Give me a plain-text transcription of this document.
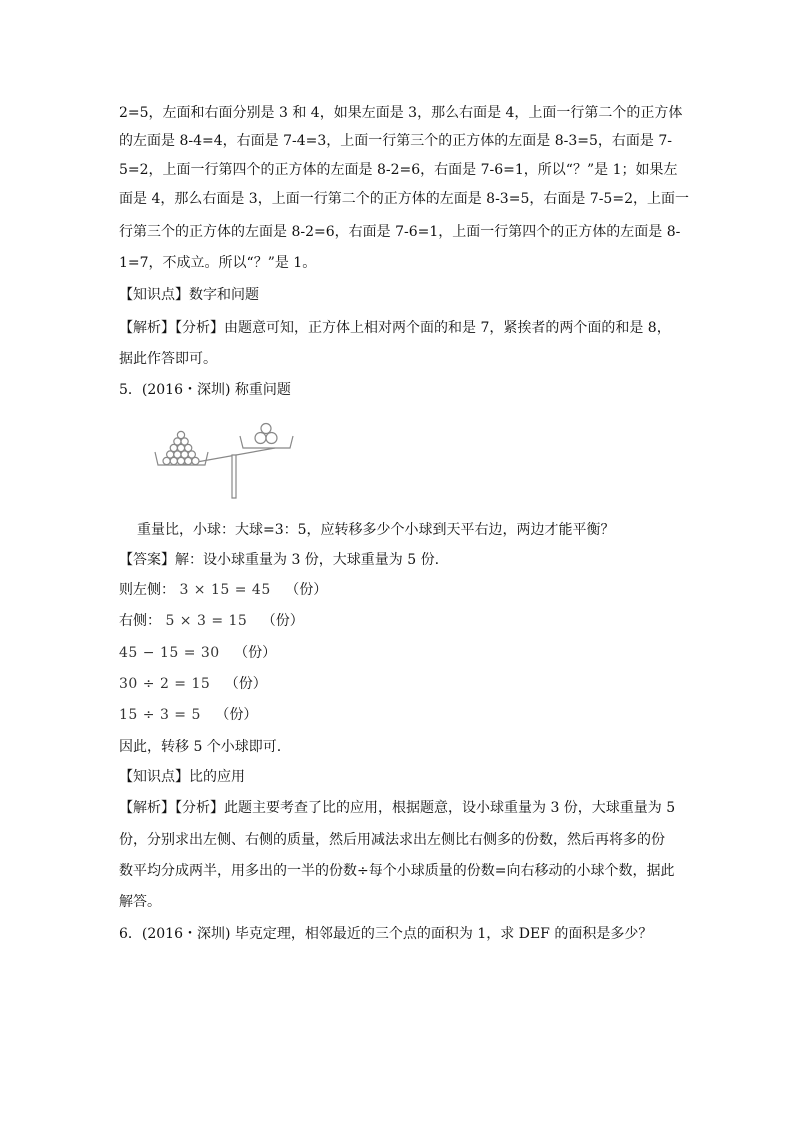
2=5，左面和右面分别是 3 和 4，如果左面是 3，那么右面是 4，上面一行第二个的正方体
的左面是 8-4=4，右面是 7-4=3，上面一行第三个的正方体的左面是 8-3=5，右面是 7-
5=2，上面一行第四个的正方体的左面是 8-2=6，右面是 7-6=1，所以“？”是 1；如果左
面是 4，那么右面是 3，上面一行第二个的正方体的左面是 8-3=5，右面是 7-5=2，上面一
行第三个的正方体的左面是 8-2=6，右面是 7-6=1，上面一行第四个的正方体的左面是 8-
1=7，不成立。所以“？”是 1。
【知识点】数字和问题
【解析】【分析】由题意可知，正方体上相对两个面的和是 7，紧挨者的两个面的和是 8，
据此作答即可。
5．(2016・深圳) 称重问题
重量比，小球：大球=3：5，应转移多少个小球到天平右边，两边才能平衡？
【答案】解：设小球重量为 3 份，大球重量为 5 份.
则左侧： 3 × 15 = 45 （份）
右侧： 5 × 3 = 15 （份）
45 − 15 = 30 （份）
30 ÷ 2 = 15 （份）
15 ÷ 3 = 5 （份）
因此，转移 5 个小球即可.
【知识点】比的应用
【解析】【分析】此题主要考查了比的应用，根据题意，设小球重量为 3 份，大球重量为 5
份，分别求出左侧、右侧的质量，然后用减法求出左侧比右侧多的份数，然后再将多的份
数平均分成两半，用多出的一半的份数÷每个小球质量的份数=向右移动的小球个数，据此
解答。
6．(2016・深圳) 毕克定理，相邻最近的三个点的面积为 1，求 DEF 的面积是多少？
